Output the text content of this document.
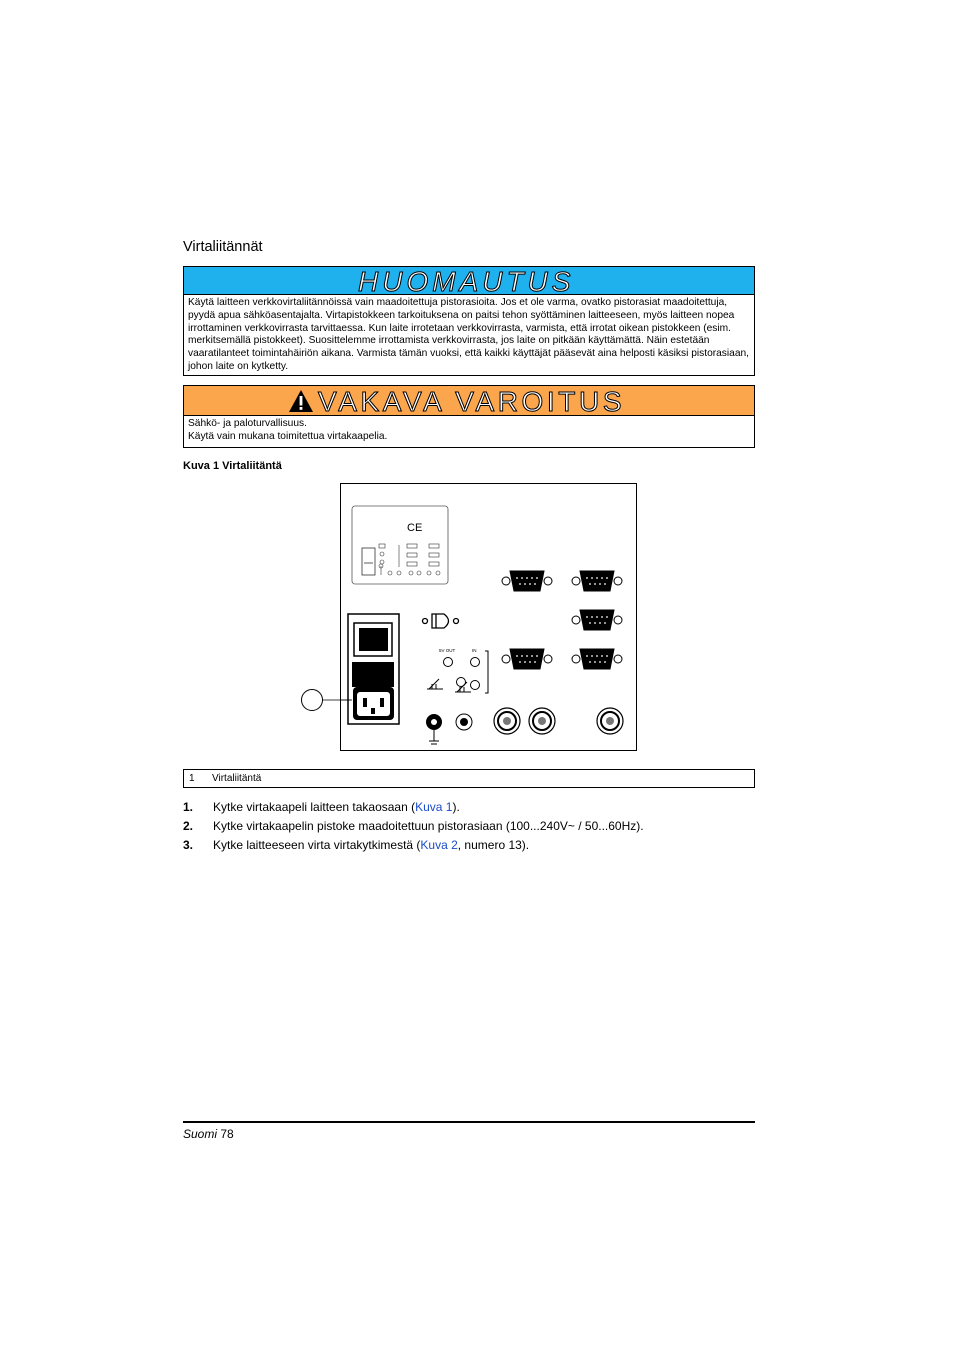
Virtaliitännät
HUOMAUTUS
Käytä laitteen verkkovirtaliitännöissä vain maadoitettuja pistorasioita. Jos et ole varma, ovatko pistorasiat maadoitettuja, pyydä apua sähköasentajalta. Virtapistokkeen tarkoituksena on paitsi tehon syöttäminen laitteeseen, myös laitteen nopea irrottaminen verkkovirrasta tarvittaessa. Kun laite irrotetaan verkkovirrasta, varmista, että irrotat oikean pistokkeen (esim. merkitsemällä pistokkeet). Suosittelemme irrottamista verkkovirrasta, jos laite on pitkään käyttämättä. Näin estetään vaaratilanteet toimintahäiriön aikana. Varmista tämän vuoksi, että kaikki käyttäjät pääsevät aina helposti käsiksi pistorasiaan, johon laite on kytketty.
VAKAVA VAROITUS

Sähkö- ja paloturvallisuus.

Käytä vain mukana toimitettua virtakaapelia.

Kuva 1 Virtaliitäntä
CE
5V OUT	IN
1	Virtaliitäntä
1.	Kytke virtakaapeli laitteen takaosaan (Kuva 1).
2.	Kytke virtakaapelin pistoke maadoitettuun pistorasiaan (100...240V~ / 50...60Hz).
3.	Kytke laitteeseen virta virtakytkimestä (Kuva 2, numero 13).
Suomi 78
